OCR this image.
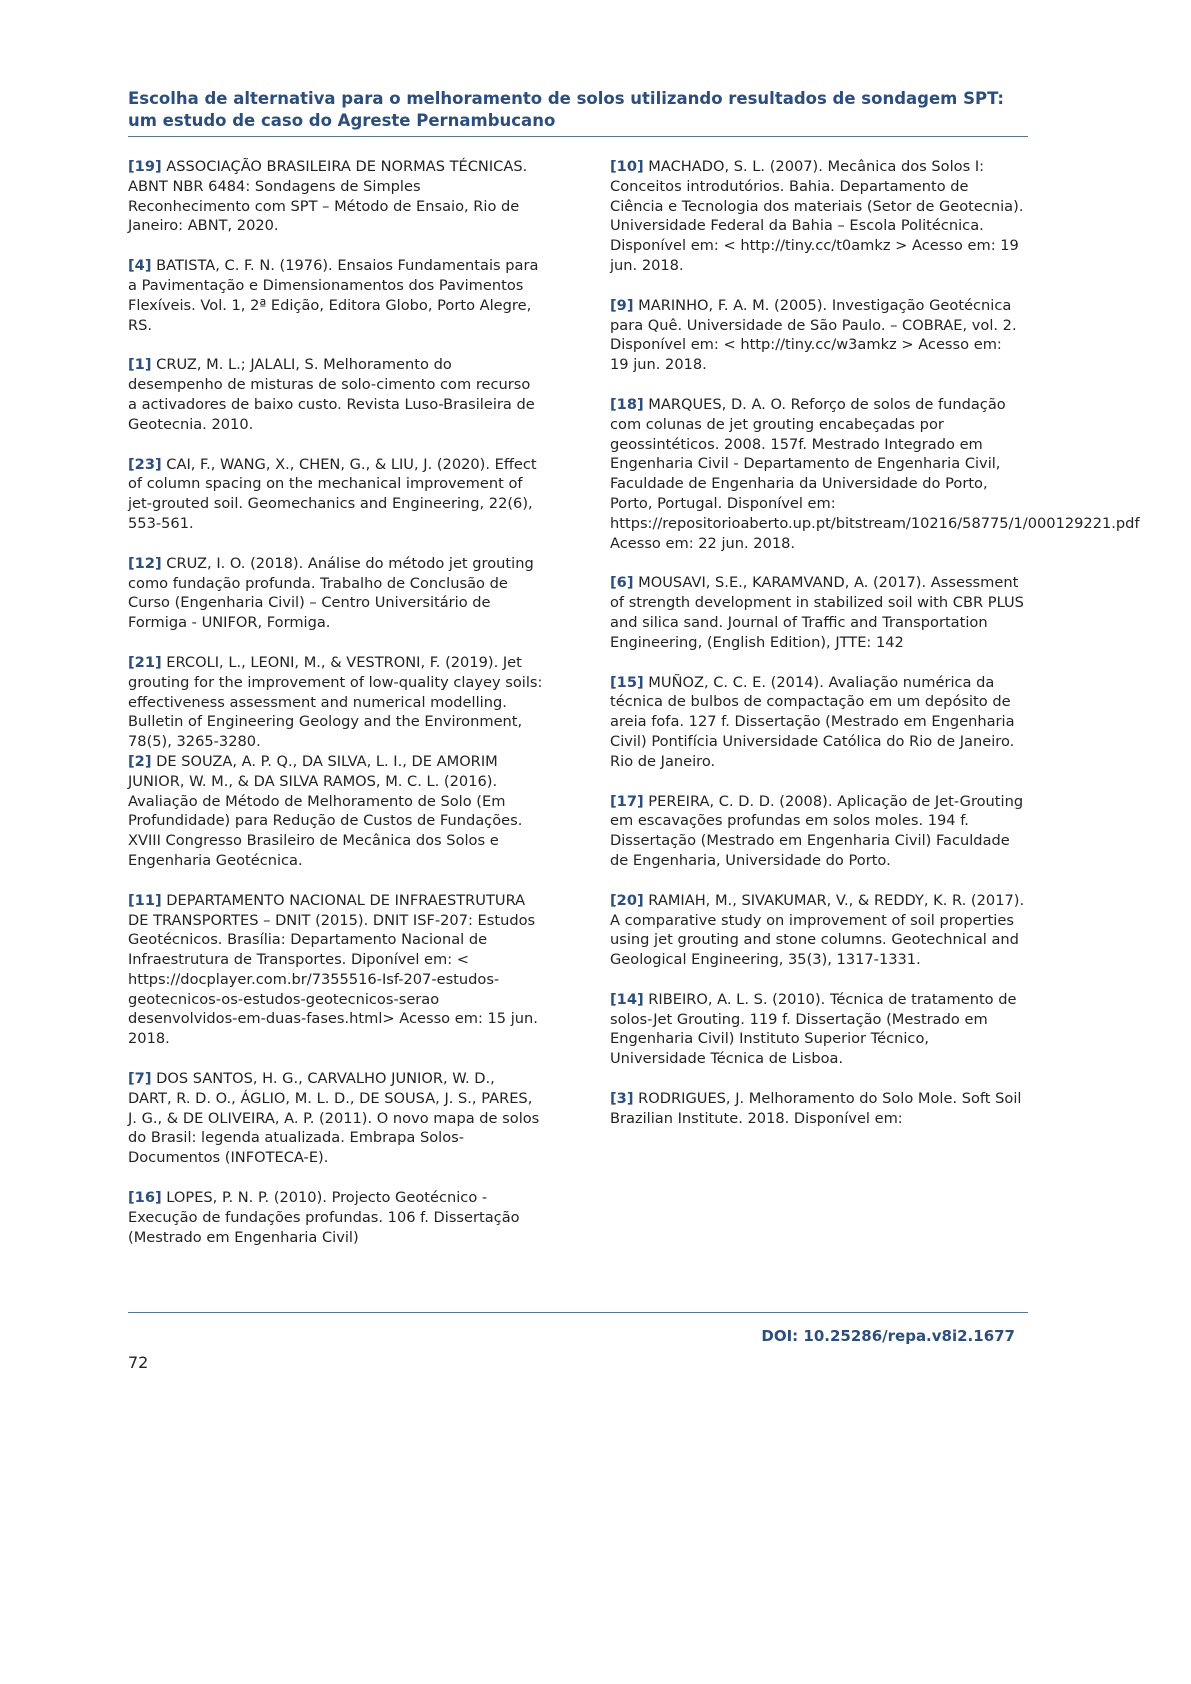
Escolha de alternativa para o melhoramento de solos utilizando resultados de sondagem SPT: um estudo de caso do Agreste Pernambucano

[19] ASSOCIAÇÃO BRASILEIRA DE NORMAS TÉCNICAS. ABNT NBR 6484: Sondagens de Simples Reconhecimento com SPT – Método de Ensaio, Rio de Janeiro: ABNT, 2020.

[4] BATISTA, C. F. N. (1976). Ensaios Fundamentais para a Pavimentação e Dimensionamentos dos Pavimentos Flexíveis. Vol. 1, 2ª Edição, Editora Globo, Porto Alegre, RS.

[1] CRUZ, M. L.; JALALI, S. Melhoramento do desempenho de misturas de solo-cimento com recurso a activadores de baixo custo. Revista Luso-Brasileira de Geotecnia. 2010.

[23] CAI, F., WANG, X., CHEN, G., & LIU, J. (2020). Effect of column spacing on the mechanical improvement of jet-grouted soil. Geomechanics and Engineering, 22(6), 553-561.

[12] CRUZ, I. O. (2018). Análise do método jet grouting como fundação profunda. Trabalho de Conclusão de Curso (Engenharia Civil) – Centro Universitário de Formiga - UNIFOR, Formiga.

[21] ERCOLI, L., LEONI, M., & VESTRONI, F. (2019). Jet grouting for the improvement of low-quality clayey soils: effectiveness assessment and numerical modelling. Bulletin of Engineering Geology and the Environment, 78(5), 3265-3280.

[2] DE SOUZA, A. P. Q., DA SILVA, L. I., DE AMORIM JUNIOR, W. M., & DA SILVA RAMOS, M. C. L. (2016). Avaliação de Método de Melhoramento de Solo (Em Profundidade) para Redução de Custos de Fundações. XVIII Congresso Brasileiro de Mecânica dos Solos e Engenharia Geotécnica.

[11] DEPARTAMENTO NACIONAL DE INFRAESTRUTURA DE TRANSPORTES – DNIT (2015). DNIT ISF-207: Estudos Geotécnicos. Brasília: Departamento Nacional de Infraestrutura de Transportes. Diponível em: < https://docplayer.com.br/7355516-Isf-207-estudos-geotecnicos-os-estudos-geotecnicos-serao desenvolvidos-em-duas-fases.html> Acesso em: 15 jun. 2018.

[7] DOS SANTOS, H. G., CARVALHO JUNIOR, W. D., DART, R. D. O., ÁGLIO, M. L. D., DE SOUSA, J. S., PARES, J. G., & DE OLIVEIRA, A. P. (2011). O novo mapa de solos do Brasil: legenda atualizada. Embrapa Solos-Documentos (INFOTECA-E).

[16] LOPES, P. N. P. (2010). Projecto Geotécnico - Execução de fundações profundas. 106 f. Dissertação (Mestrado em Engenharia Civil)

[10] MACHADO, S. L. (2007). Mecânica dos Solos I: Conceitos introdutórios. Bahia. Departamento de Ciência e Tecnologia dos materiais (Setor de Geotecnia). Universidade Federal da Bahia – Escola Politécnica. Disponível em: < http://tiny.cc/t0amkz > Acesso em: 19 jun. 2018.

[9] MARINHO, F. A. M. (2005). Investigação Geotécnica para Quê. Universidade de São Paulo. – COBRAE, vol. 2. Disponível em: < http://tiny.cc/w3amkz > Acesso em: 19 jun. 2018.

[18] MARQUES, D. A. O. Reforço de solos de fundação com colunas de jet grouting encabeçadas por geossintéticos. 2008. 157f. Mestrado Integrado em Engenharia Civil - Departamento de Engenharia Civil, Faculdade de Engenharia da Universidade do Porto, Porto, Portugal. Disponível em: https://repositorioaberto.up.pt/bitstream/10216/58775/1/000129221.pdf Acesso em: 22 jun. 2018.

[6] MOUSAVI, S.E., KARAMVAND, A. (2017). Assessment of strength development in stabilized soil with CBR PLUS and silica sand. Journal of Traffic and Transportation Engineering, (English Edition), JTTE: 142

[15] MUÑOZ, C. C. E. (2014). Avaliação numérica da técnica de bulbos de compactação em um depósito de areia fofa. 127 f. Dissertação (Mestrado em Engenharia Civil) Pontifícia Universidade Católica do Rio de Janeiro. Rio de Janeiro.

[17] PEREIRA, C. D. D. (2008). Aplicação de Jet-Grouting em escavações profundas em solos moles. 194 f. Dissertação (Mestrado em Engenharia Civil) Faculdade de Engenharia, Universidade do Porto.

[20] RAMIAH, M., SIVAKUMAR, V., & REDDY, K. R. (2017). A comparative study on improvement of soil properties using jet grouting and stone columns. Geotechnical and Geological Engineering, 35(3), 1317-1331.

[14] RIBEIRO, A. L. S. (2010). Técnica de tratamento de solos-Jet Grouting. 119 f. Dissertação (Mestrado em Engenharia Civil) Instituto Superior Técnico, Universidade Técnica de Lisboa.

[3] RODRIGUES, J. Melhoramento do Solo Mole. Soft Soil Brazilian Institute. 2018. Disponível em:

DOI: 10.25286/repa.v8i2.1677
72
